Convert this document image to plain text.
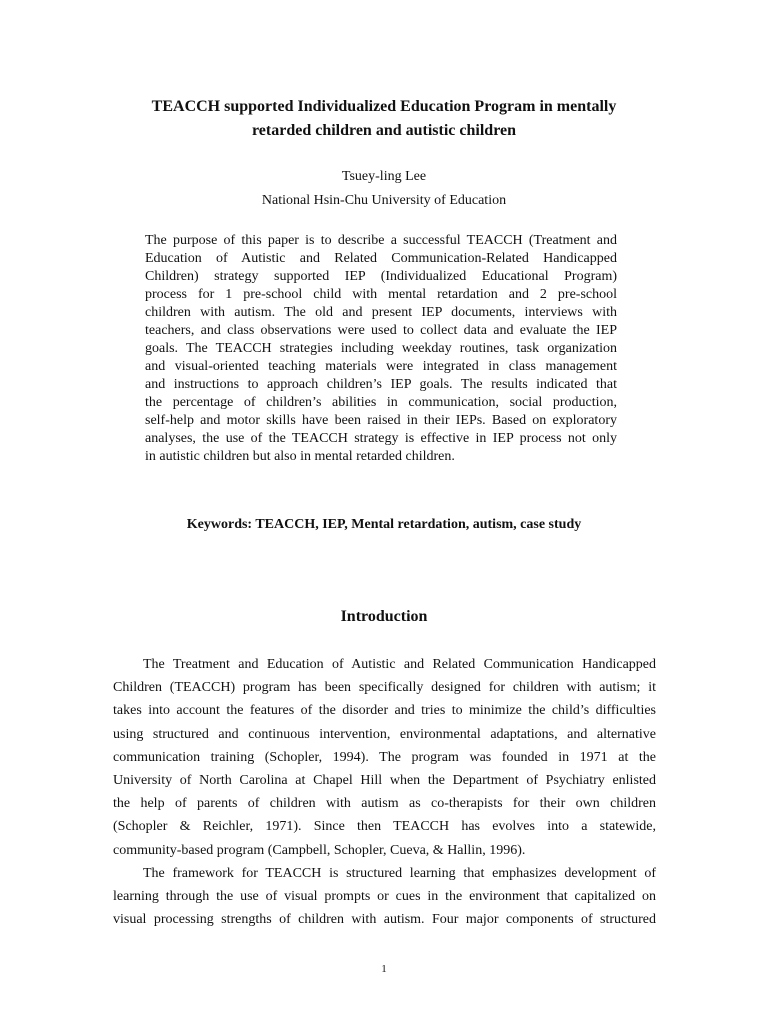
TEACCH supported Individualized Education Program in mentally
retarded children and autistic children

Tsuey-ling Lee

National Hsin-Chu University of Education

The purpose of this paper is to describe a successful TEACCH (Treatment and
Education of Autistic and Related Communication-Related Handicapped
Children) strategy supported IEP (Individualized Educational Program)
process for 1 pre-school child with mental retardation and 2 pre-school
children with autism. The old and present IEP documents, interviews with
teachers, and class observations were used to collect data and evaluate the IEP
goals. The TEACCH strategies including weekday routines, task organization
and visual-oriented teaching materials were integrated in class management
and instructions to approach children’s IEP goals. The results indicated that
the percentage of children’s abilities in communication, social production,
self-help and motor skills have been raised in their IEPs. Based on exploratory
analyses, the use of the TEACCH strategy is effective in IEP process not only
in autistic children but also in mental retarded children.

Keywords: TEACCH, IEP, Mental retardation, autism, case study

Introduction
The Treatment and Education of Autistic and Related Communication Handicapped
Children (TEACCH) program has been specifically designed for children with autism; it
takes into account the features of the disorder and tries to minimize the child’s difficulties
using structured and continuous intervention, environmental adaptations, and alternative
communication training (Schopler, 1994). The program was founded in 1971 at the
University of North Carolina at Chapel Hill when the Department of Psychiatry enlisted
the help of parents of children with autism as co-therapists for their own children
(Schopler & Reichler, 1971). Since then TEACCH has evolves into a statewide,
community-based program (Campbell, Schopler, Cueva, & Hallin, 1996).
The framework for TEACCH is structured learning that emphasizes development of
learning through the use of visual prompts or cues in the environment that capitalized on
visual processing strengths of children with autism. Four major components of structured

1
